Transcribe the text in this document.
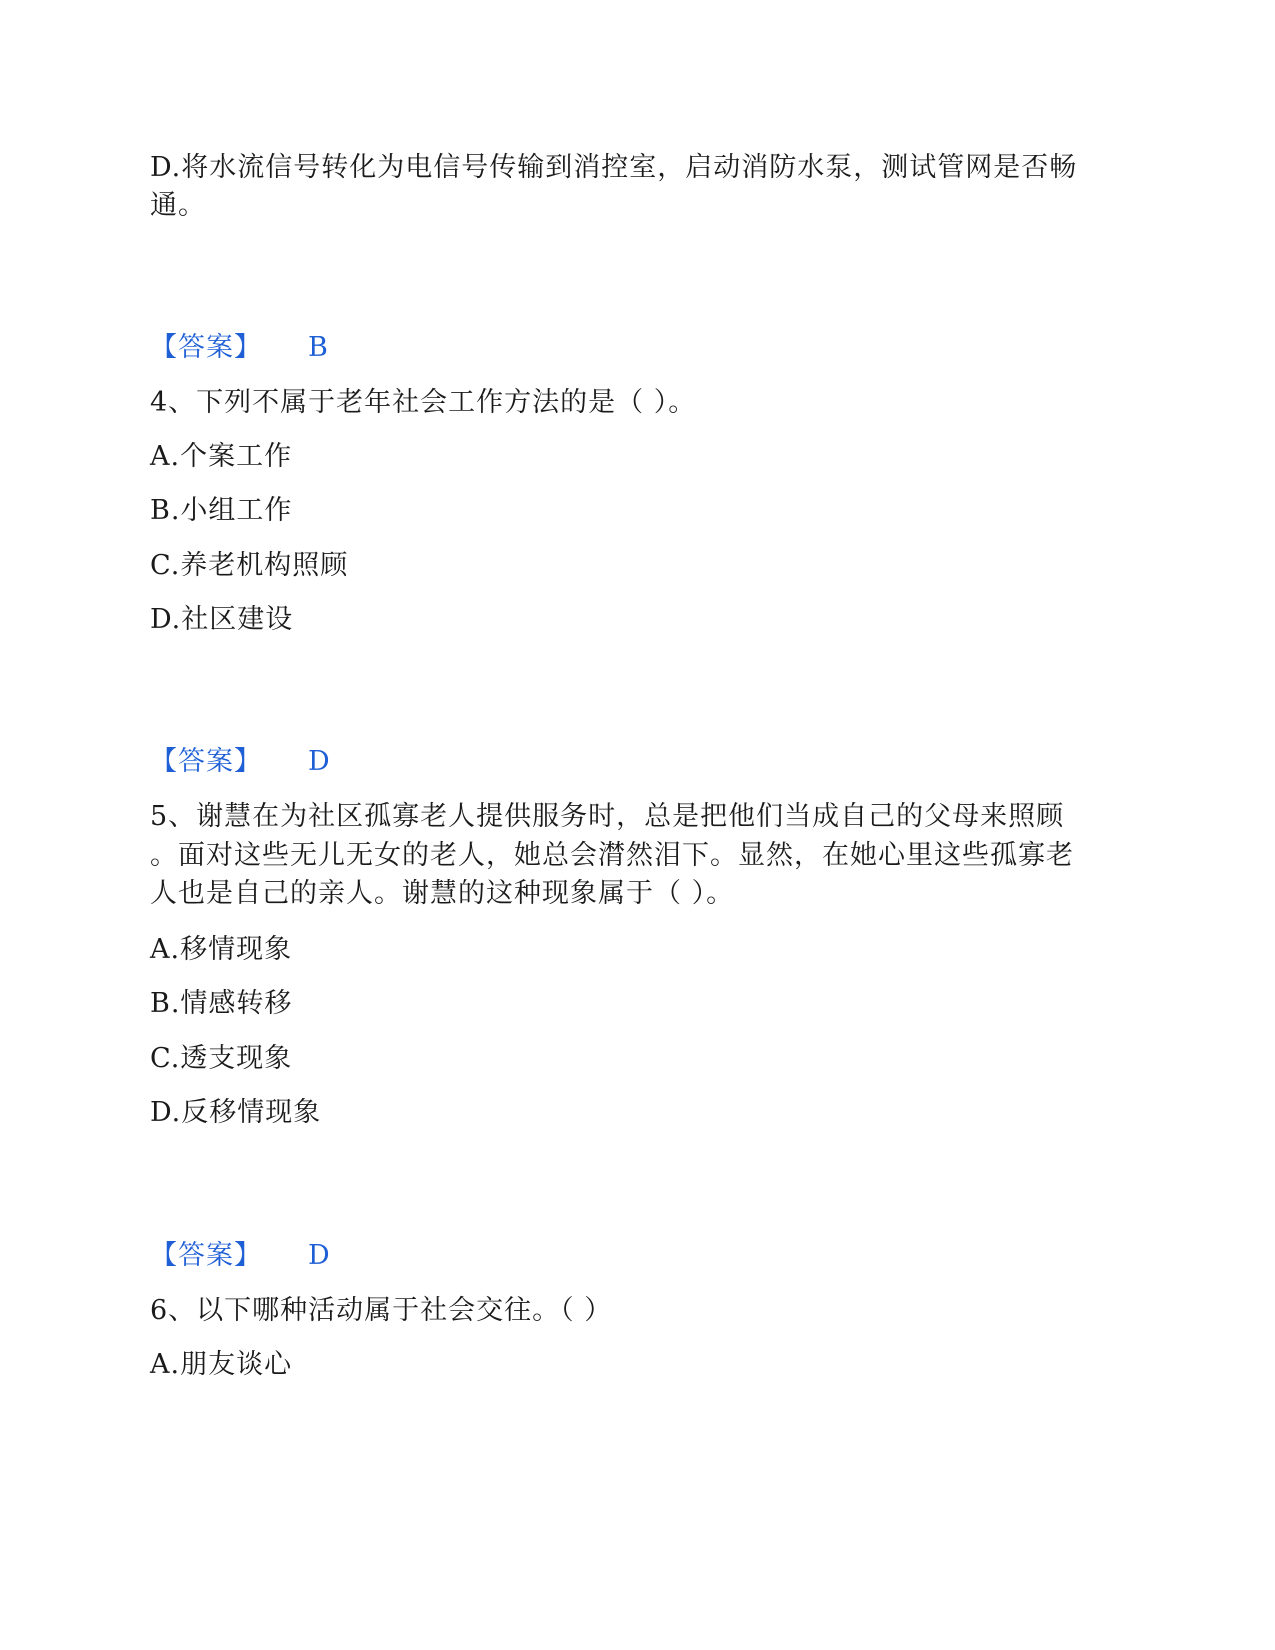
D.将水流信号转化为电信号传输到消控室，启动消防水泵，测试管网是否畅
通。
【答案】 B
4、下列不属于老年社会工作方法的是（ ）。
A.个案工作
B.小组工作
C.养老机构照顾
D.社区建设
【答案】 D
5、谢慧在为社区孤寡老人提供服务时，总是把他们当成自己的父母来照顾
。面对这些无儿无女的老人，她总会潸然泪下。显然，在她心里这些孤寡老
人也是自己的亲人。谢慧的这种现象属于（ ）。
A.移情现象
B.情感转移
C.透支现象
D.反移情现象
【答案】 D
6、以下哪种活动属于社会交往。（ ）
A.朋友谈心
